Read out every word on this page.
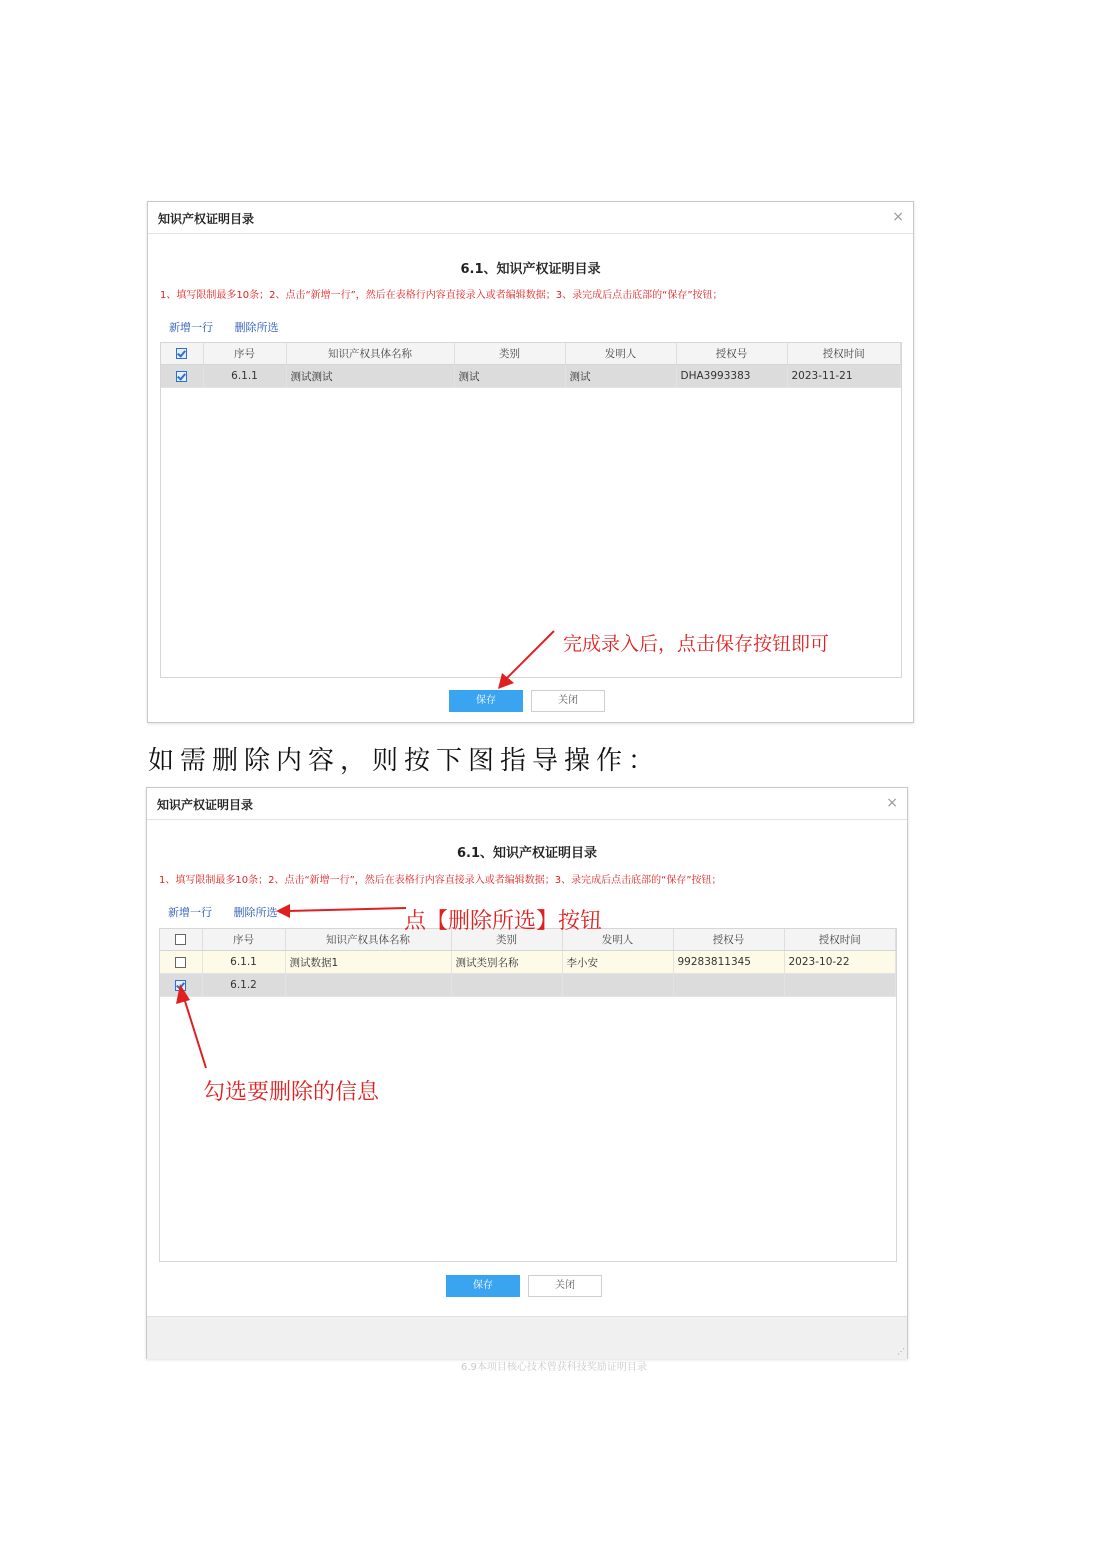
知识产权证明目录	×
6.1、知识产权证明目录
1、填写限制最多10条；2、点击“新增一行”，然后在表格行内容直接录入或者编辑数据；3、录完成后点击底部的“保存”按钮；
新增一行 删除所选
	序号	知识产权具体名称	类别	发明人	授权号	授权时间
	6.1.1	测试测试	测试	测试	DHA3993383	2023-11-21
保存	关闭
完成录入后，点击保存按钮即可
如需删除内容，则按下图指导操作：
知识产权证明目录	×
6.1、知识产权证明目录
1、填写限制最多10条；2、点击“新增一行”，然后在表格行内容直接录入或者编辑数据；3、录完成后点击底部的“保存”按钮；
新增一行 删除所选
	序号	知识产权具体名称	类别	发明人	授权号	授权时间
	6.1.1	测试数据1	测试类别名称	李小安	99283811345	2023-10-22
	6.1.2					
保存	关闭
⋰
6.9本项目核心技术曾获科技奖励证明目录
点【删除所选】按钮
勾选要删除的信息
